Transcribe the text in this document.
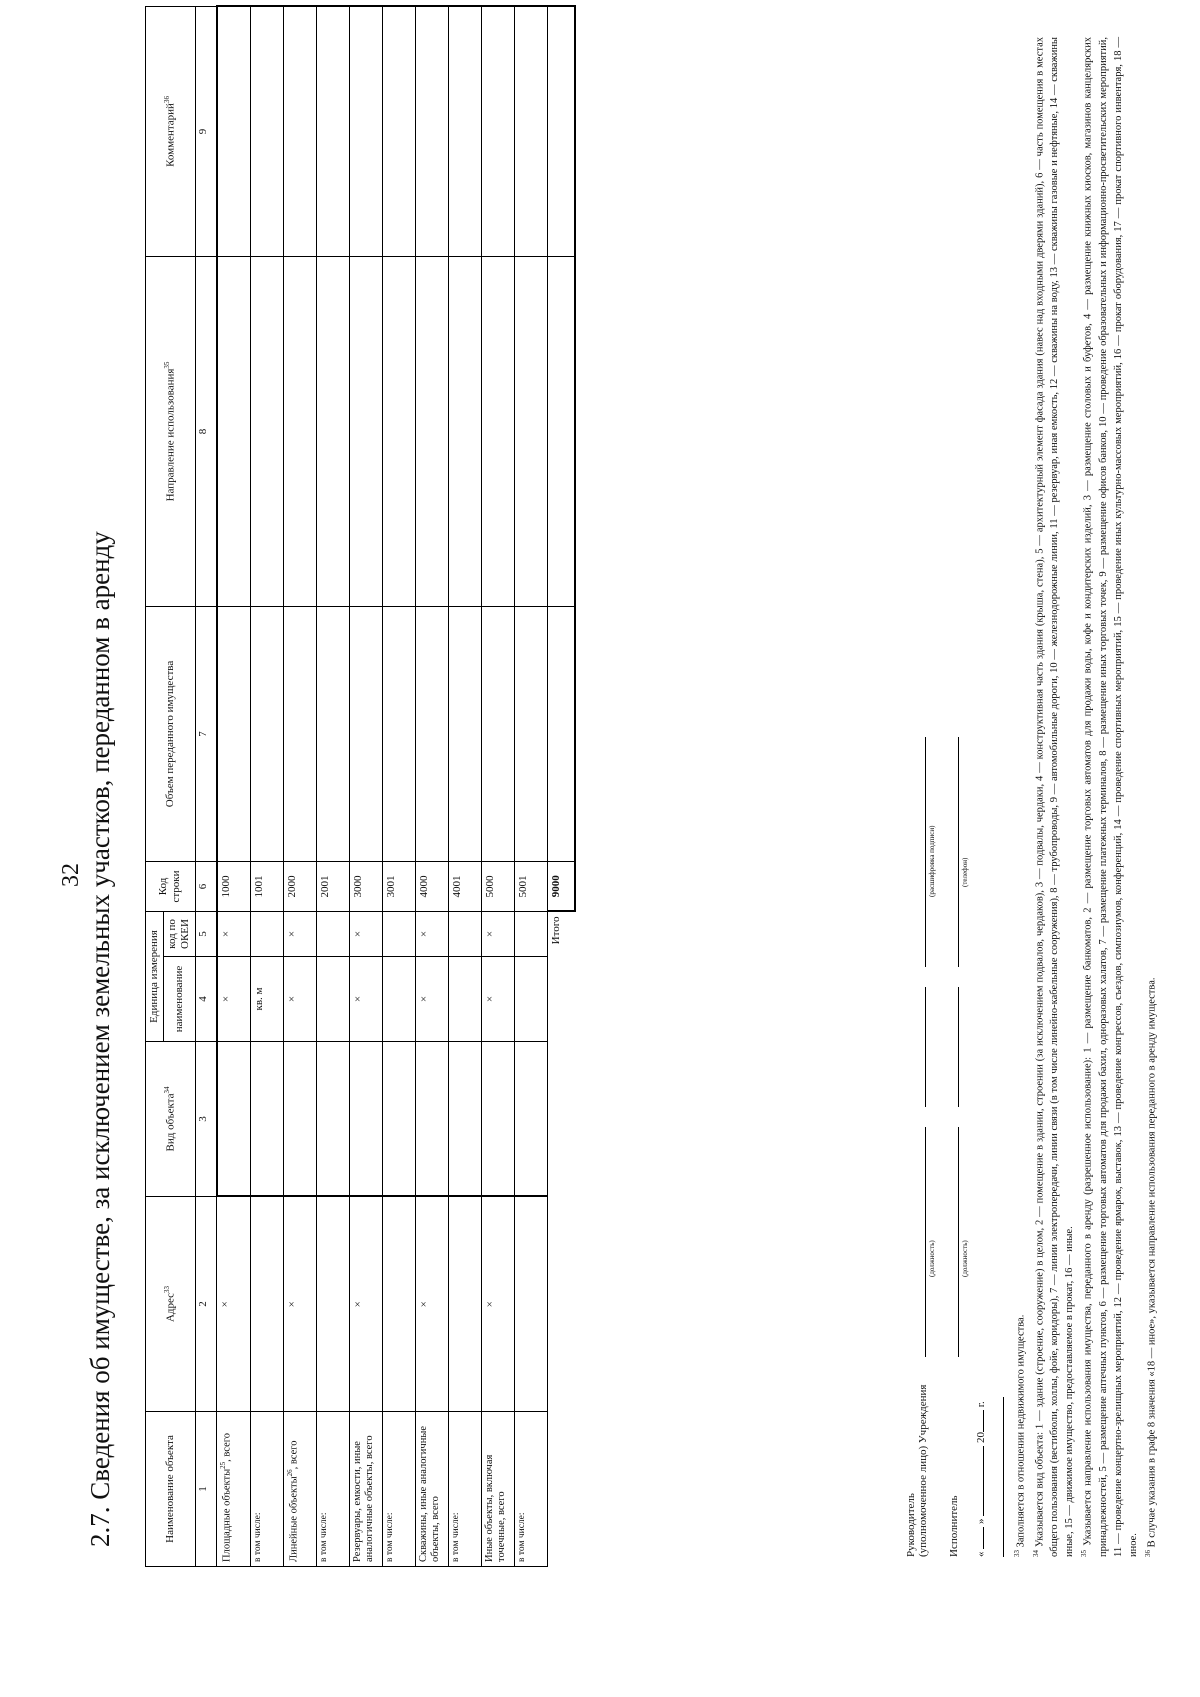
32 2.7. Сведения об имуществе, за исключением земельных участков, переданном в аренду	Наименование объекта	Адрес$^{33}$	Вид объекта$^{34}$	Единица измерения		Код строки	Объем переданного имущества	Направление использования$^{35}$	Комментарий$^{36}$
			наименование	код по ОКЕИ				
1	2	3	4	5	6	7	8	9
Площадные объекты$^{25}$, всего	×		×	×	1000			
в том числе:			кв. м		1001			
Линейные объекты$^{26}$, всего	×		×	×	2000			
в том числе:					2001			
Резервуары, емкости, иные аналогичные объекты, всего	×		×	×	3000			
в том числе:					3001			
Скважины, иные аналогичные объекты, всего	×		×	×	4000			
в том числе:					4001			
Иные объекты, включая точечные, всего	×		×	×	5000			
в том числе:					5001			
				Итого	9000			
Руководитель (уполномоченное лицо) Учреждения
(должность)
(расшифровка подписи)
Исполнитель
(должность)
(телефон)
«  »  20 г.

$^{33}$ Заполняется в отношении недвижимого имущества.

$^{34}$ Указывается вид объекта: 1 — здание (строение, сооружение) в целом, 2 — помещение в здании, строении (за исключением подвалов, чердаков), 3 — подвалы, чердаки, 4 — конструктивная часть здания (крыша, стена), 5 — архитектурный элемент фасада здания (навес над входными дверями зданий), 6 — часть помещения в местах общего пользования (вестибюли, холлы, фойе, коридоры), 7 — линии электропередачи, линии связи (в том числе линейно-кабельные сооружения), 8 — трубопроводы, 9 — автомобильные дороги, 10 — железнодорожные линии, 11 — резервуар, иная емкость, 12 — скважины на воду, 13 — скважины газовые и нефтяные, 14 — скважины иные, 15 — движимое имущество, предоставляемое в прокат, 16 — иные. $^{35}$ Указывается направление использования имущества, переданного в аренду (разрешенное использование): 1 — размещение банкоматов, 2 — размещение торговых автоматов для продажи воды, кофе и кондитерских изделий, 3 — размещение столовых и буфетов, 4 — размещение книжных киосков, магазинов канцелярских принадлежностей, 5 — размещение аптечных пунктов, 6 — размещение торговых автоматов для продажи бахил, одноразовых халатов, 7 — размещение платежных терминалов, 8 — размещение иных торговых точек, 9 — размещение офисов банков, 10 — проведение образовательных и информационно-просветительских мероприятий, 11 — проведение концертно-зрелищных мероприятий, 12 — проведение ярмарок, выставок, 13 — проведение конгрессов, съездов, симпозиумов, конференций, 14 — проведение спортивных мероприятий, 15 — проведение иных культурно-массовых мероприятий, 16 — прокат оборудования, 17 — прокат спортивного инвентаря, 18 — иное. $^{36}$ В случае указания в графе 8 значения «18 — иное», указывается направление использования переданного в аренду имущества.
